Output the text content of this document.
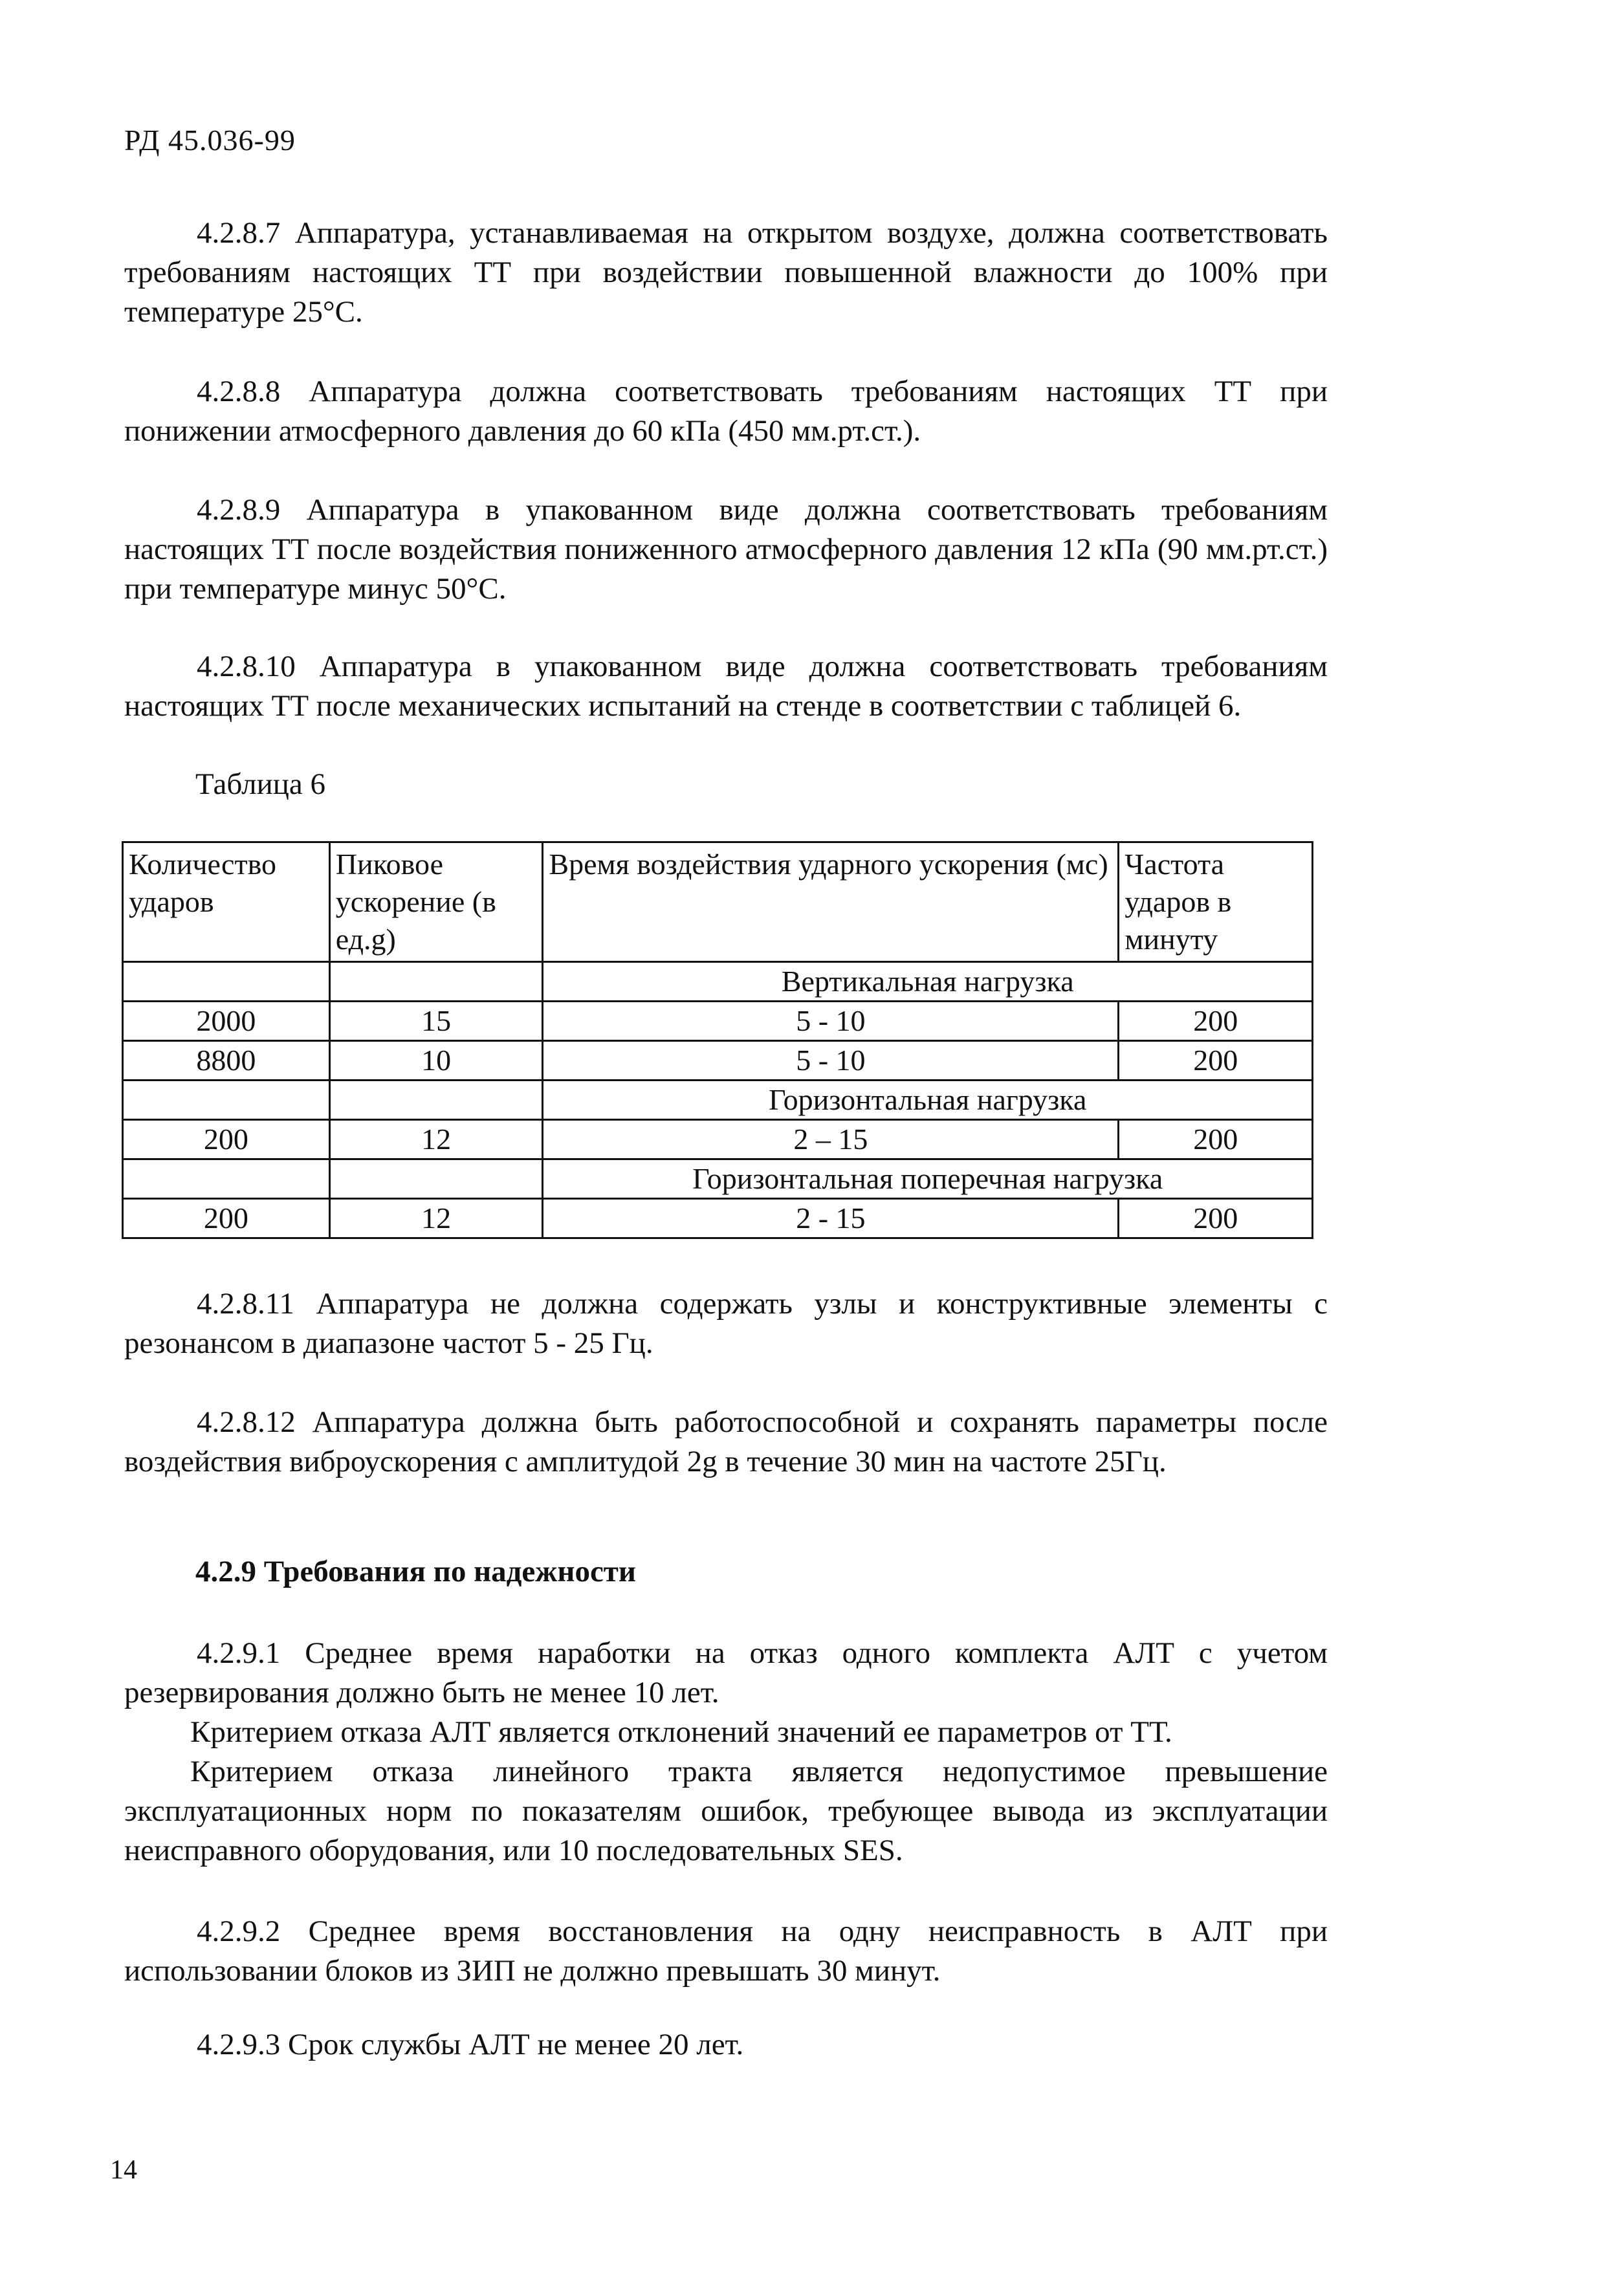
РД 45.036-99
4.2.8.7 Аппаратура, устанавливаемая на открытом воздухе, должна соответствовать требованиям настоящих ТТ при воздействии повышенной влажности до 100% при температуре 25°С.
4.2.8.8 Аппаратура должна соответствовать требованиям настоящих ТТ при понижении атмосферного давления до 60 кПа (450 мм.рт.ст.).
4.2.8.9 Аппаратура в упакованном виде должна соответствовать требованиям настоящих ТТ после воздействия пониженного атмосферного давления 12 кПа (90 мм.рт.ст.) при температуре минус 50°С.
4.2.8.10 Аппаратура в упакованном виде должна соответствовать требованиям настоящих ТТ после механических испытаний на стенде в соответствии с таблицей 6.
Таблица 6
Количество ударов	Пиковое ускорение (в ед.g)	Время воздействия ударного ускорения (мс)	Частота ударов в минуту
		Вертикальная нагрузка	
2000	15	5 - 10	200
8800	10	5 - 10	200
		Горизонтальная нагрузка	
200	12	2 – 15	200
		Горизонтальная поперечная нагрузка	
200	12	2 - 15	200
4.2.8.11 Аппаратура не должна содержать узлы и конструктивные элементы с резонансом в диапазоне частот 5 - 25 Гц.
4.2.8.12 Аппаратура должна быть работоспособной и сохранять параметры после воздействия виброускорения с амплитудой 2g в течение 30 мин на частоте 25Гц.
4.2.9 Требования по надежности
4.2.9.1 Среднее время наработки на отказ одного комплекта АЛТ с учетом резервирования должно быть не менее 10 лет.
Критерием отказа АЛТ является отклонений значений ее параметров от ТТ.
Критерием отказа линейного тракта является недопустимое превышение эксплуатационных норм по показателям ошибок, требующее вывода из эксплуатации неисправного оборудования, или 10 последовательных SES.
4.2.9.2 Среднее время восстановления на одну неисправность в АЛТ при использовании блоков из ЗИП не должно превышать 30 минут.
4.2.9.3 Срок службы АЛТ не менее 20 лет.
14
